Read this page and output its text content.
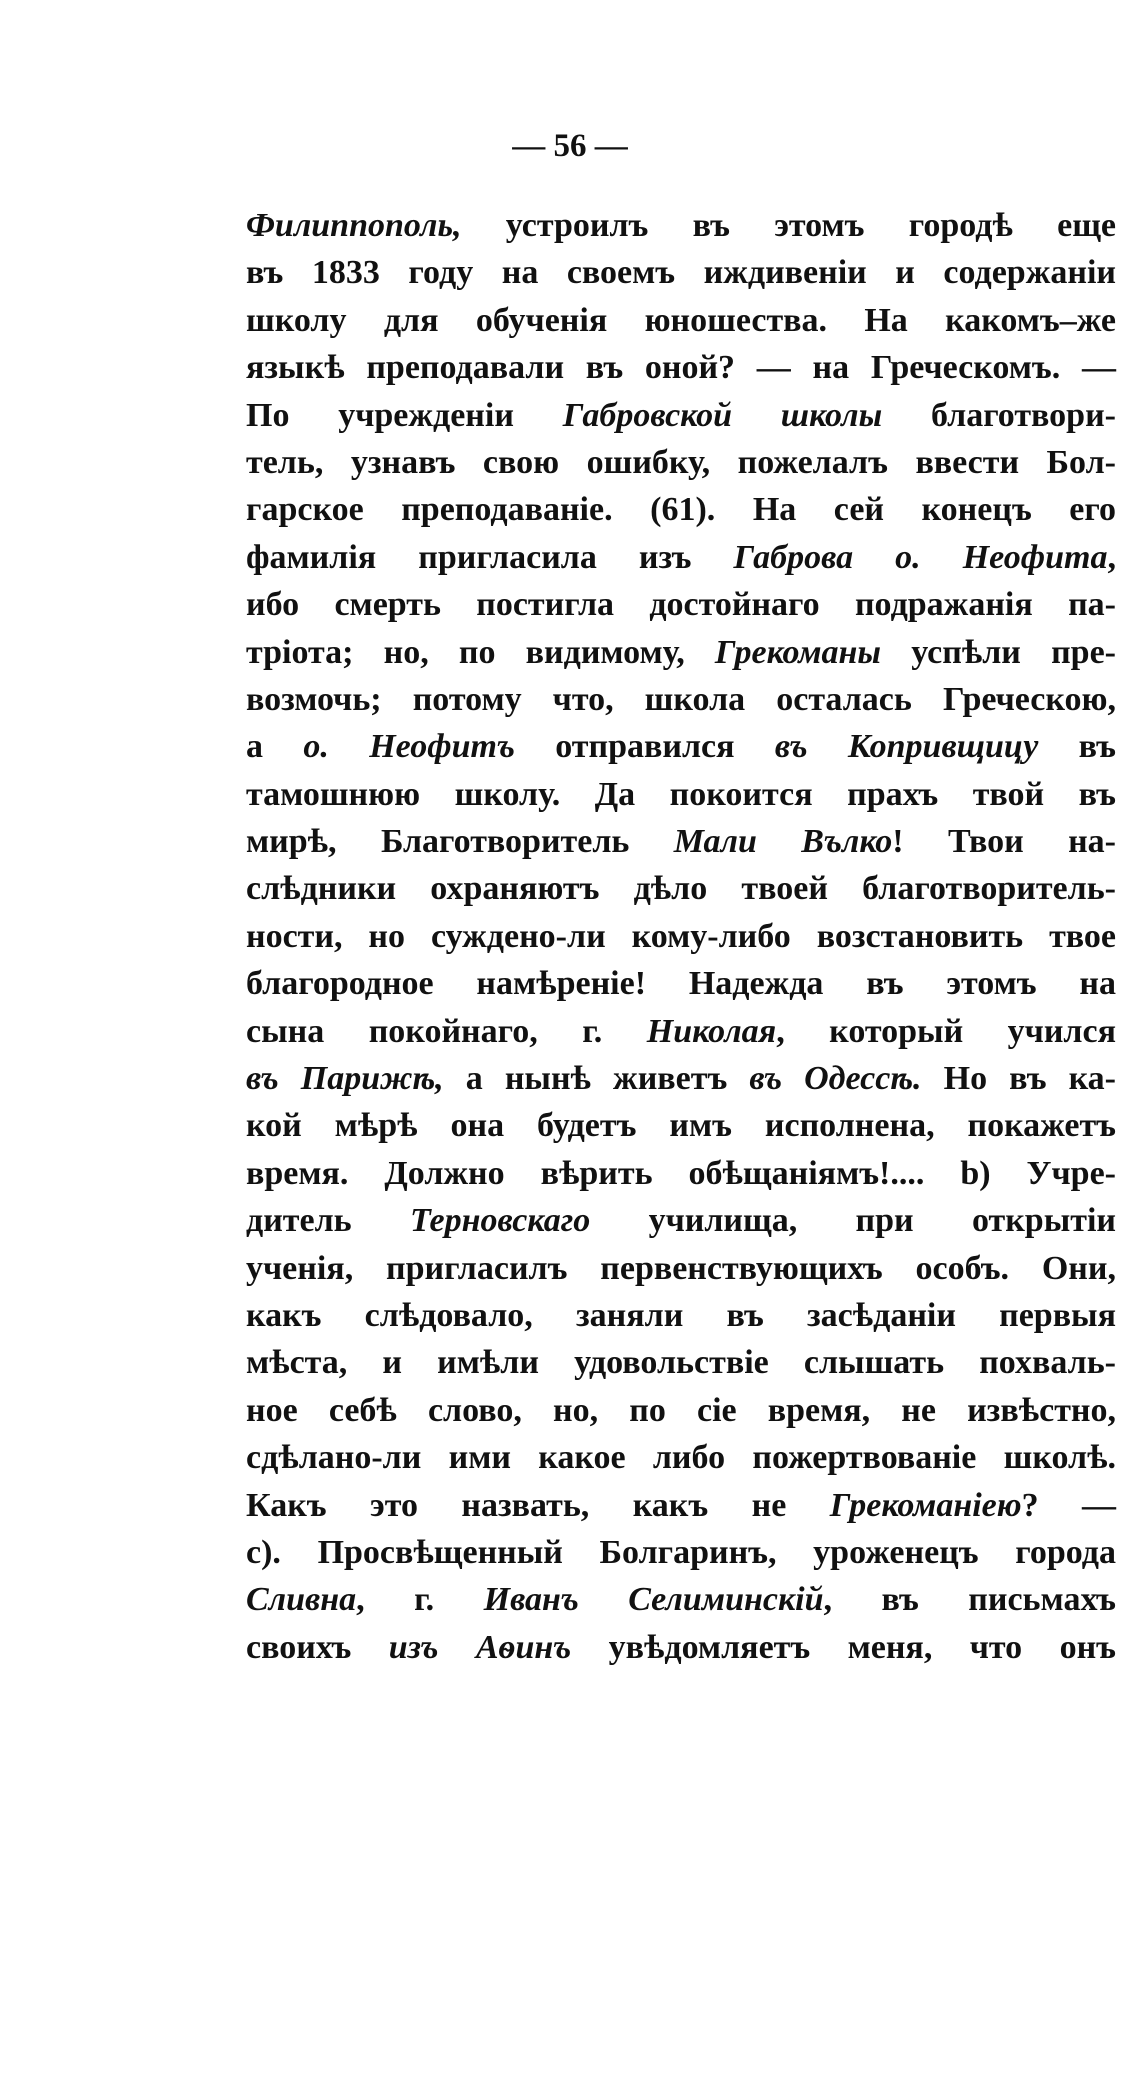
— 56 —
Филиппополь, устроилъ въ этомъ городѣ еще
въ 1833 году на своемъ иждивеніи и содержаніи
школу для обученія юношества. На какомъ–же
языкѣ преподавали въ оной? — на Греческомъ. —
По учрежденіи Габровской школы благотвори-
тель, узнавъ свою ошибку, пожелалъ ввести Бол-
гарское преподаваніе. (61). На сей конецъ его
фамилія пригласила изъ Габрова о. Неофита,
ибо смерть постигла достойнаго подражанія па-
тріота; но, по видимому, Грекоманы успѣли пре-
возмочь; потому что, школа осталась Греческою,
а о. Неофитъ отправился въ Копривщицу въ
тамошнюю школу. Да покоится прахъ твой въ
мирѣ, Благотворитель Мали Вълко! Твои на-
слѣдники охраняютъ дѣло твоей благотворитель-
ности, но суждено-ли кому-либо возстановить твое
благородное намѣреніе! Надежда въ этомъ на
сына покойнаго, г. Николая, который учился
въ Парижѣ, а нынѣ живетъ въ Одессѣ. Но въ ка-
кой мѣрѣ она будетъ имъ исполнена, покажетъ
время. Должно вѣрить обѣщаніямъ!.... b) Учре-
дитель Терновскаго училища, при открытіи
ученія, пригласилъ первенствующихъ особъ. Они,
какъ слѣдовало, заняли въ засѣданіи первыя
мѣста, и имѣли удовольствіе слышать похваль-
ное себѣ слово, но, по сіе время, не извѣстно,
сдѣлано-ли ими какое либо пожертвованіе школѣ.
Какъ это назвать, какъ не Грекоманіею? —
c). Просвѣщенный Болгаринъ, уроженецъ города
Сливна, г. Иванъ Селиминскій, въ письмахъ
своихъ изъ Аѳинъ увѣдомляетъ меня, что онъ
